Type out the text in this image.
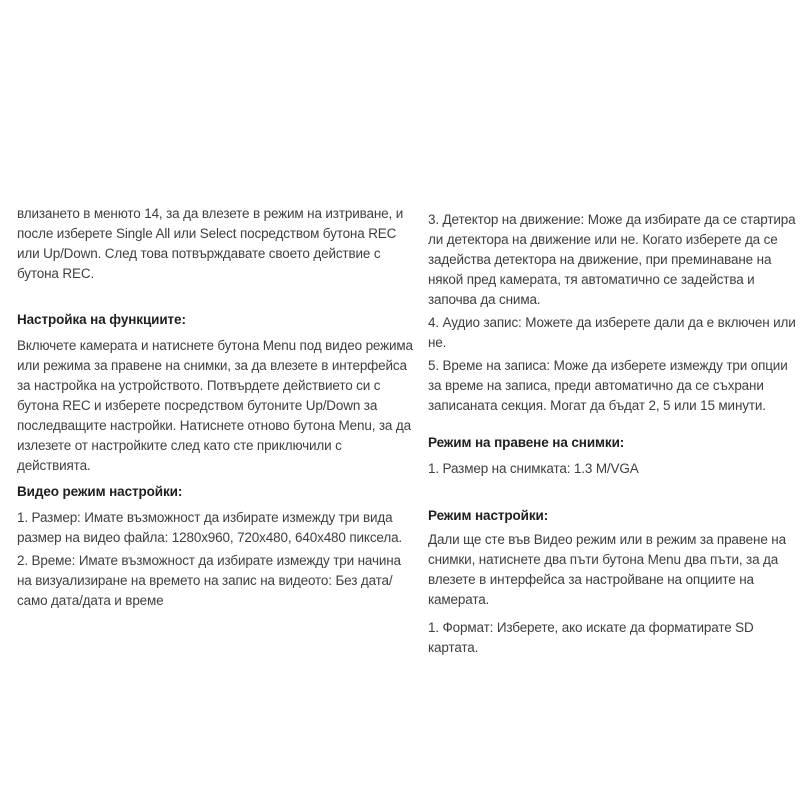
влизането в менюто 14, за да влезете в режим на изтриване, и после изберете Single All или Select посредством бутона REC или Up/Down. След това потвърждавате своето действие с бутона REC.

Настройка на функциите:

Включете камерата и натиснете бутона Menu под видео режима или режима за правене на снимки, за да влезете в интерфейса за настройка на устройството. Потвърдете действието си с бутона REC и изберете посредством бутоните Up/Down за последващите настройки. Натиснете отново бутона Menu, за да излезете от настройките след като сте приключили с действията.

Видео режим настройки:

1. Размер: Имате възможност да избирате измежду три вида размер на видео файла: 1280x960, 720x480, 640x480 пиксела.

2. Време: Имате възможност да избирате измежду три начина на визуализиране на времето на запис на видеото: Без дата/само дата/дата и време

3. Детектор на движение: Може да избирате да се стартира ли детектора на движение или не. Когато изберете да се задейства детектора на движение, при преминаване на някой пред камерата, тя автоматично се задейства и започва да снима.

4. Аудио запис: Можете да изберете дали да е включен или не.

5. Време на записа: Може да изберете измежду три опции за време на записа, преди автоматично да се съхрани записаната секция. Могат да бъдат 2, 5 или 15 минути.

Режим на правене на снимки:

1. Размер на снимката: 1.3 M/VGA

Режим настройки:

Дали ще сте във Видео режим или в режим за правене на снимки, натиснете два пъти бутона Menu два пъти, за да влезете в интерфейса за настройване на опциите на камерата.

1. Формат: Изберете, ако искате да форматирате SD картата.
